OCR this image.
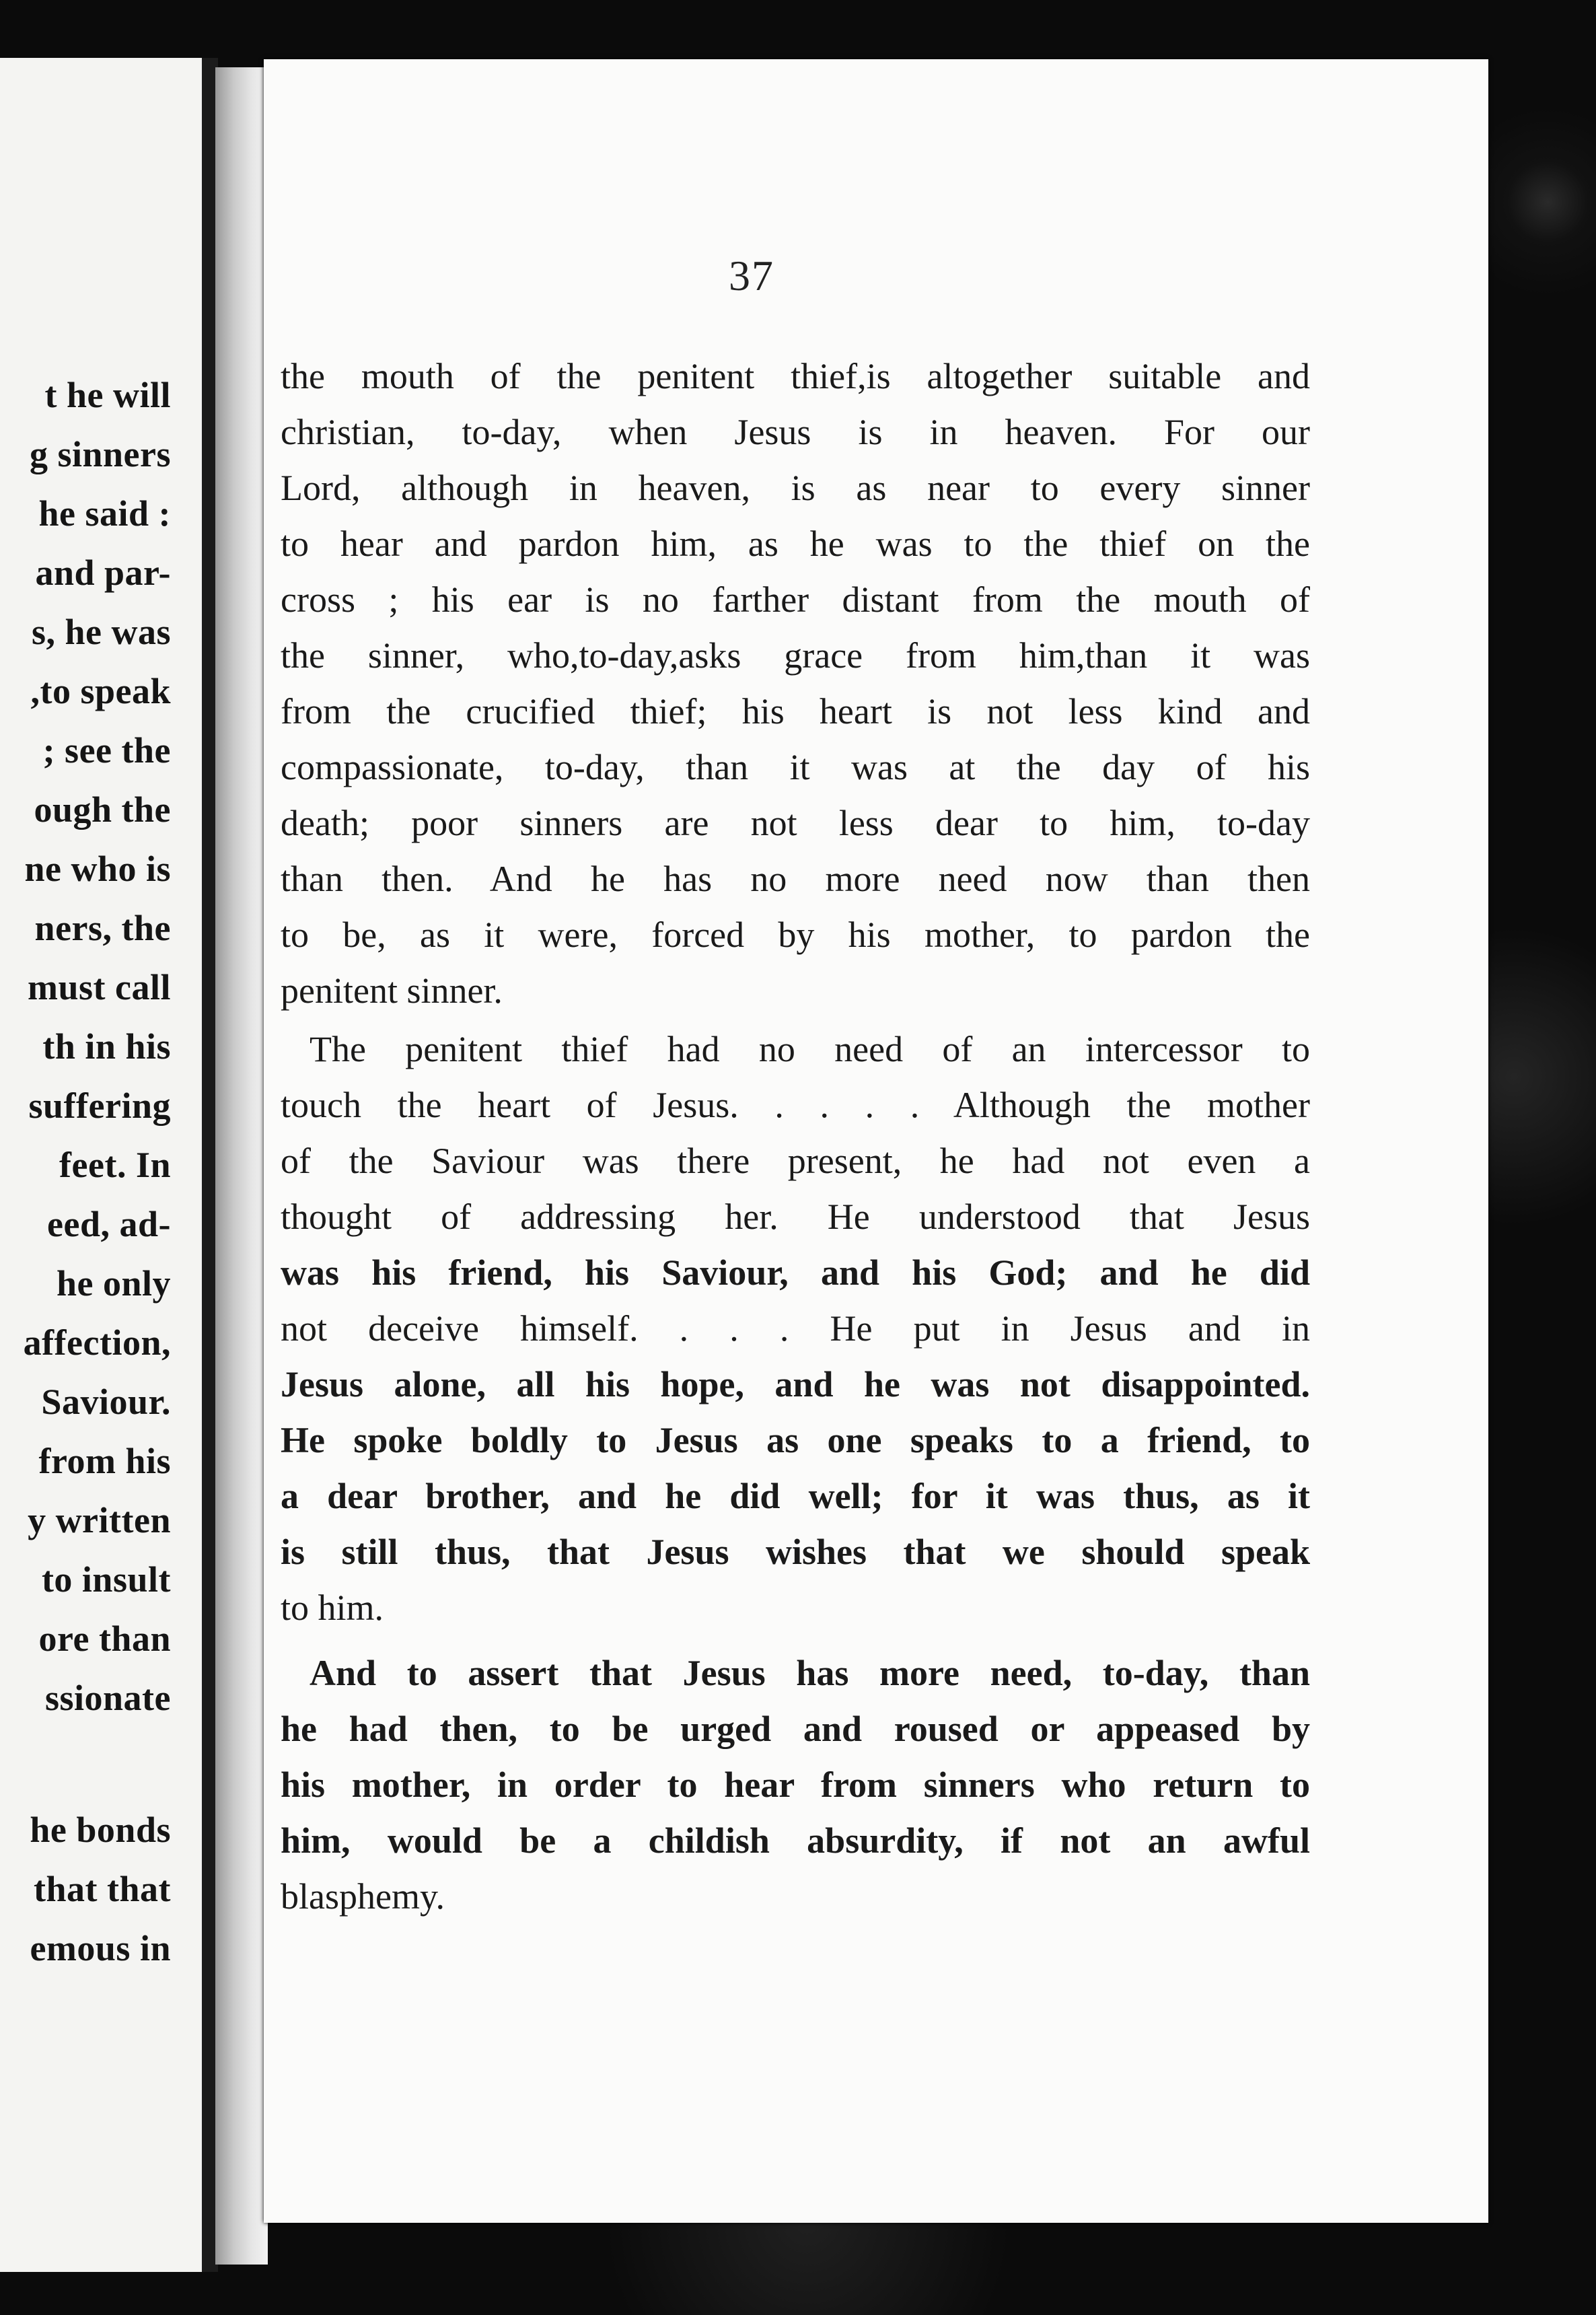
t he will
g sinners
he said :
and par-
s, he was
,to speak
; see the
ough the
ne who is
ners, the
must call
th in his
suffering
feet. In
eed, ad-
he only
affection,
Saviour.
from his
y written
to insult
ore than
ssionate
he bonds
that that
emous in
37
the mouth of the penitent thief,is altogether suitable and
christian, to-day, when Jesus is in heaven. For our
Lord, although in heaven, is as near to every sinner
to hear and pardon him, as he was to the thief on the
cross ; his ear is no farther distant from the mouth of
the sinner, who,to-day,asks grace from him,than it was
from the crucified thief; his heart is not less kind and
compassionate, to-day, than it was at the day of his
death; poor sinners are not less dear to him, to-day
than then. And he has no more need now than then
to be, as it were, forced by his mother, to pardon the
penitent sinner.
The penitent thief had no need of an intercessor to
touch the heart of Jesus. . . . . Although the mother
of the Saviour was there present, he had not even a
thought of addressing her. He understood that Jesus
was his friend, his Saviour, and his God; and he did
not deceive himself. . . . He put in Jesus and in
Jesus alone, all his hope, and he was not disappointed.
He spoke boldly to Jesus as one speaks to a friend, to
a dear brother, and he did well; for it was thus, as it
is still thus, that Jesus wishes that we should speak
to him.
And to assert that Jesus has more need, to-day, than
he had then, to be urged and roused or appeased by
his mother, in order to hear from sinners who return to
him, would be a childish absurdity, if not an awful
blasphemy.
